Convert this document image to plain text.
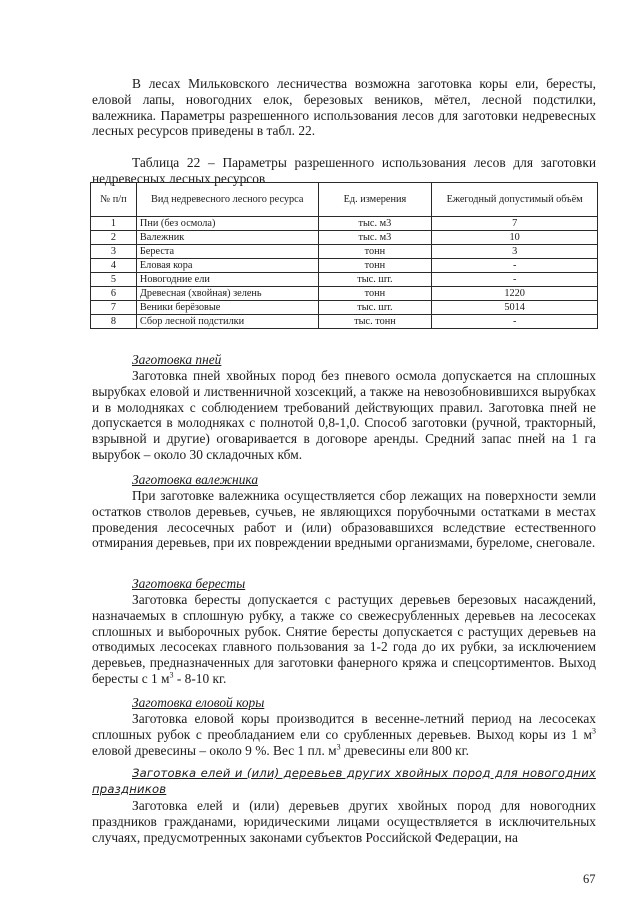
В лесах Мильковского лесничества возможна заготовка коры ели, бересты, еловой лапы, новогодних елок, березовых веников, мётел, лесной подстилки, валежника. Параметры разрешенного использования лесов для заготовки недревесных лесных ресурсов приведены в табл. 22.

Таблица 22 – Параметры разрешенного использования лесов для заготовки недревесных лесных ресурсов

№ п/п	Вид недревесного лесного ресурса	Ед. измерения	Ежегодный допустимый объём
1	Пни (без осмола)	тыс. м3	7
2	Валежник	тыс. м3	10
3	Береста	тонн	3
4	Еловая кора	тонн	-
5	Новогодние ели	тыс. шт.	-
6	Древесная (хвойная) зелень	тонн	1220
7	Веники берёзовые	тыс. шт.	5014
8	Сбор лесной подстилки	тыс. тонн	-

Заготовка пней

Заготовка пней хвойных пород без пневого осмола допускается на сплошных вырубках еловой и лиственничной хозсекций, а также на невозобновившихся вырубках и в молодняках с соблюдением требований действующих правил. Заготовка пней не допускается в молодняках с полнотой 0,8-1,0. Способ заготовки (ручной, тракторный, взрывной и другие) оговаривается в договоре аренды. Средний запас пней на 1 га вырубок – около 30 складочных кбм.

Заготовка валежника

При заготовке валежника осуществляется сбор лежащих на поверхности земли остатков стволов деревьев, сучьев, не являющихся порубочными остатками в местах проведения лесосечных работ и (или) образовавшихся вследствие естественного отмирания деревьев, при их повреждении вредными организмами, буреломе, снеговале.

Заготовка бересты

Заготовка бересты допускается с растущих деревьев березовых насаждений, назначаемых в сплошную рубку, а также со свежесрубленных деревьев на лесосеках сплошных и выборочных рубок. Снятие бересты допускается с растущих деревьев на отводимых лесосеках главного пользования за 1-2 года до их рубки, за исключением деревьев, предназначенных для заготовки фанерного кряжа и спецсортиментов. Выход бересты с 1 $м^3 - 8-10$ кг.

Заготовка еловой коры

Заготовка еловой коры производится в весенне-летний период на лесосеках сплошных рубок с преобладанием ели со срубленных деревьев. Выход коры из 1 $м^3$ еловой древесины – около 9 %. Вес 1 пл. $м^3$ древесины ели 800 кг.

Заготовка елей и (или) деревьев других хвойных пород для новогодних праздников

Заготовка елей и (или) деревьев других хвойных пород для новогодних праздников гражданами, юридическими лицами осуществляется в исключительных случаях, предусмотренных законами субъектов Российской Федерации, на

67
